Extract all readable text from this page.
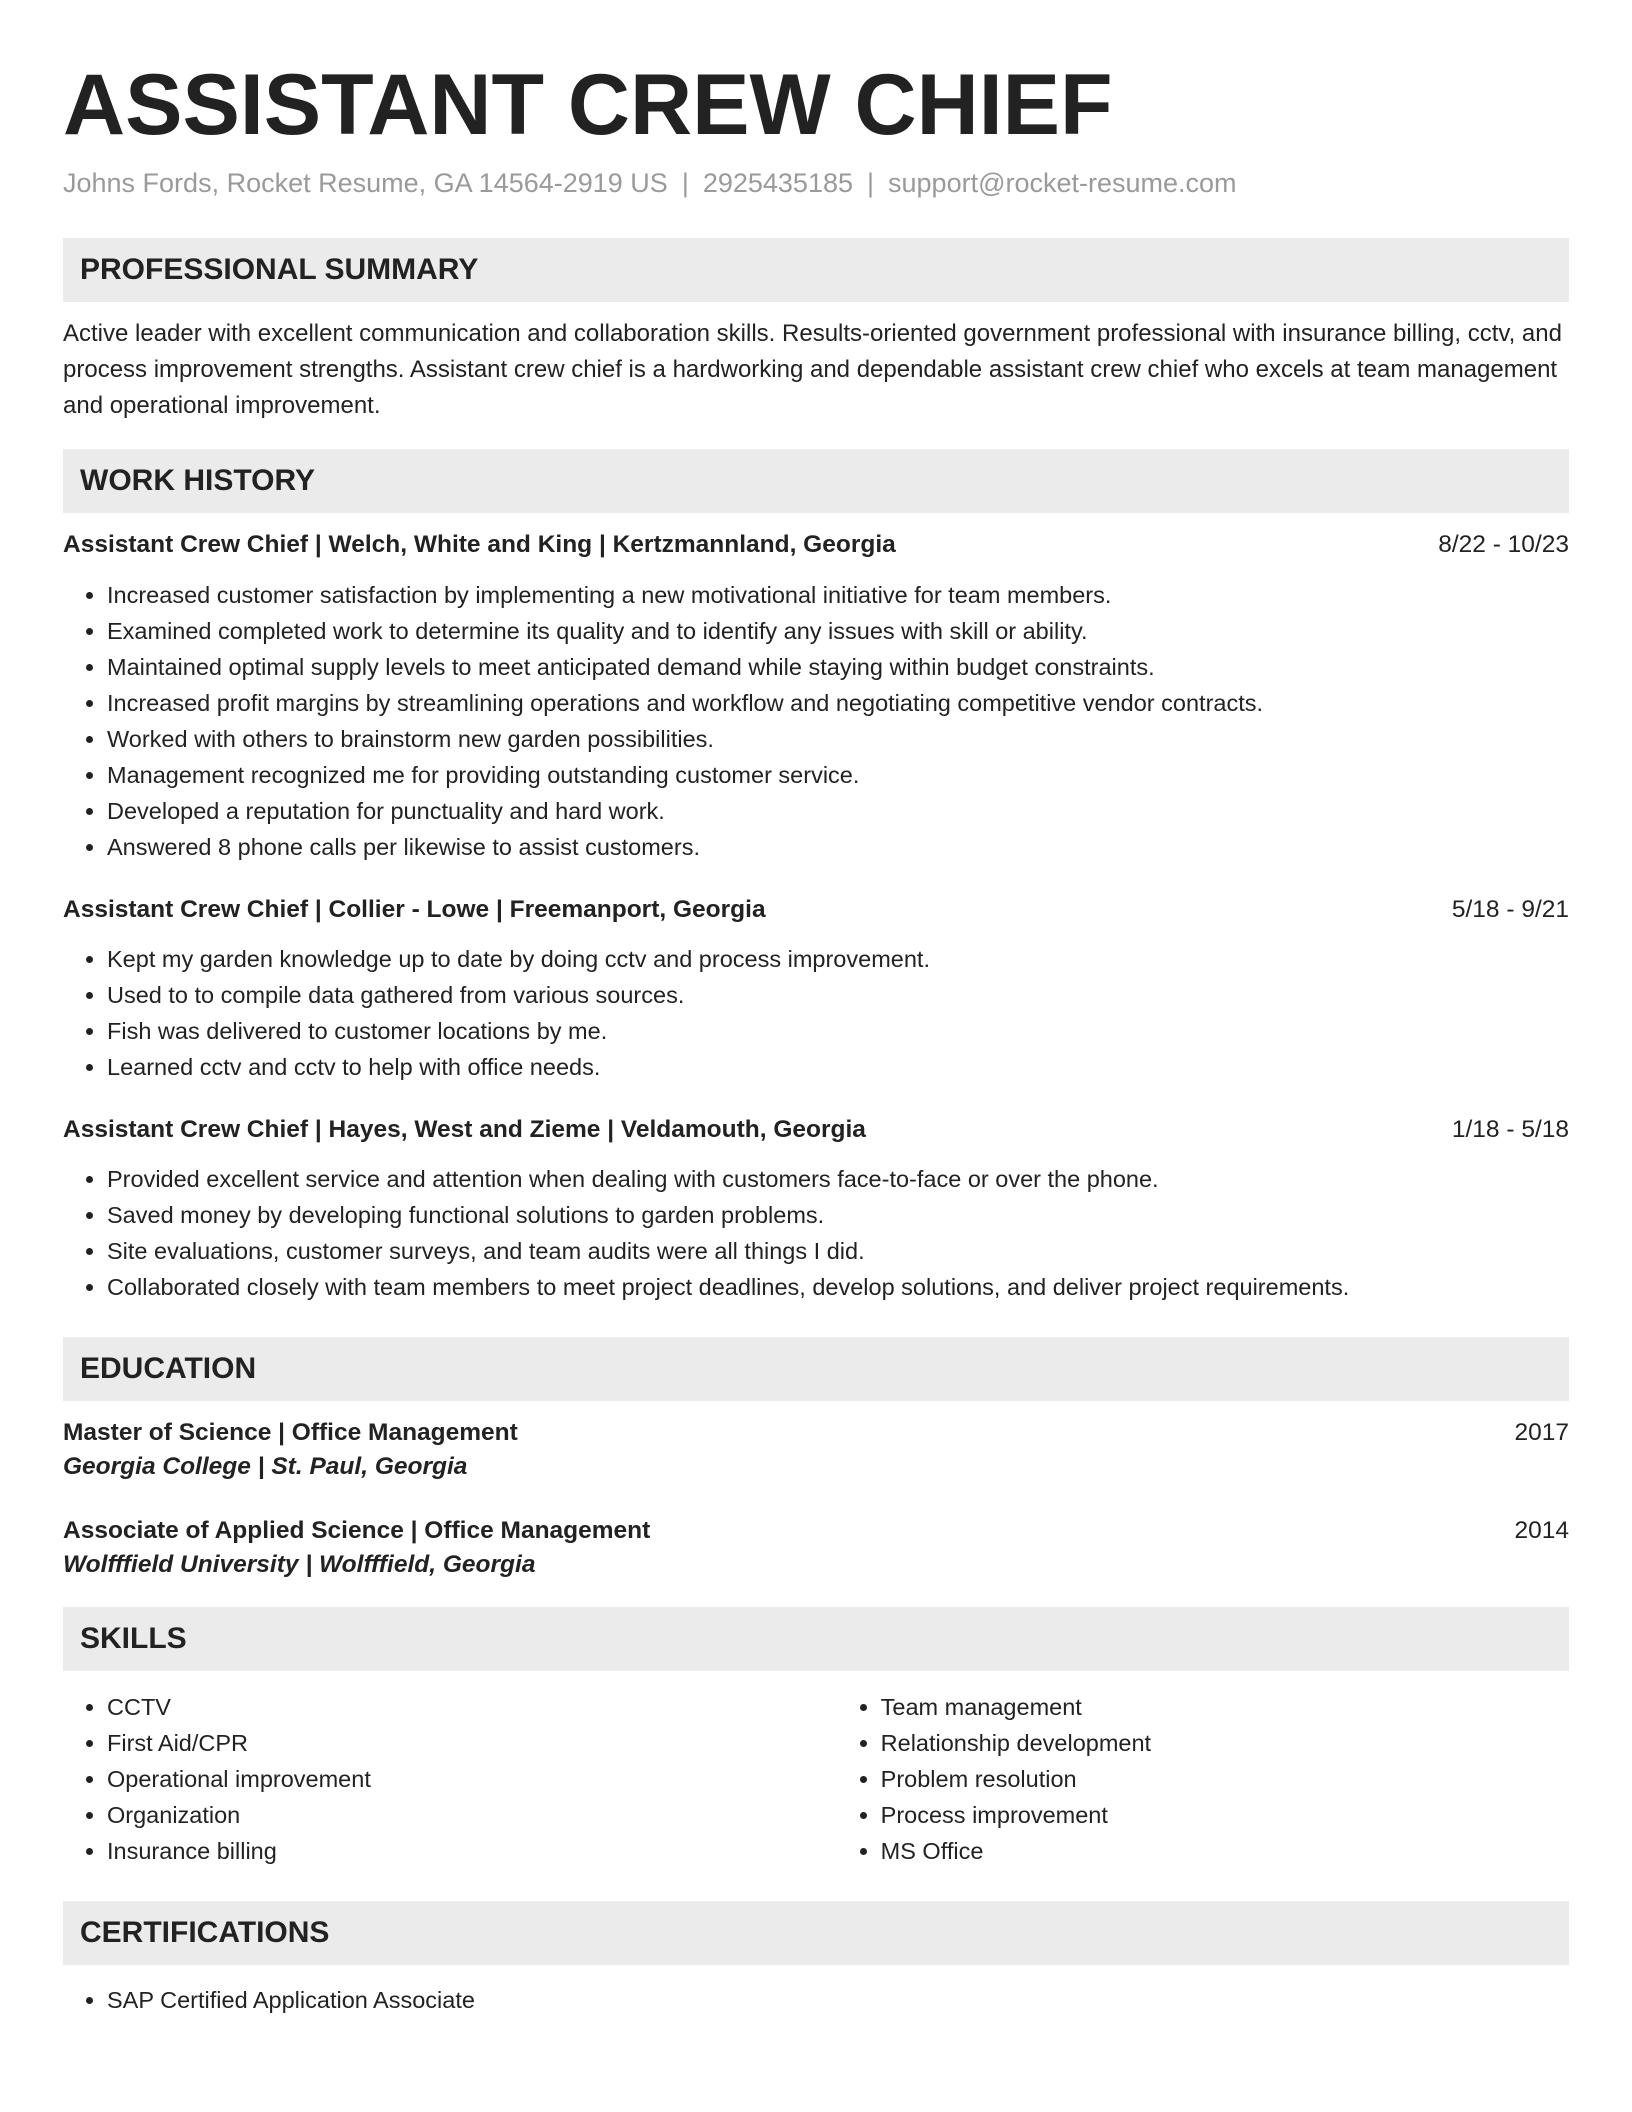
ASSISTANT CREW CHIEF
Johns Fords, Rocket Resume, GA 14564-2919 US | 2925435185 | support@rocket-resume.com
PROFESSIONAL SUMMARY
Active leader with excellent communication and collaboration skills. Results-oriented government professional with insurance billing, cctv, and process improvement strengths. Assistant crew chief is a hardworking and dependable assistant crew chief who excels at team management and operational improvement.
WORK HISTORY
Assistant Crew Chief | Welch, White and King | Kertzmannland, Georgia	8/22 - 10/23
• Increased customer satisfaction by implementing a new motivational initiative for team members.
• Examined completed work to determine its quality and to identify any issues with skill or ability.
• Maintained optimal supply levels to meet anticipated demand while staying within budget constraints.
• Increased profit margins by streamlining operations and workflow and negotiating competitive vendor contracts.
• Worked with others to brainstorm new garden possibilities.
• Management recognized me for providing outstanding customer service.
• Developed a reputation for punctuality and hard work.
• Answered 8 phone calls per likewise to assist customers.
Assistant Crew Chief | Collier - Lowe | Freemanport, Georgia	5/18 - 9/21
• Kept my garden knowledge up to date by doing cctv and process improvement.
• Used to to compile data gathered from various sources.
• Fish was delivered to customer locations by me.
• Learned cctv and cctv to help with office needs.
Assistant Crew Chief | Hayes, West and Zieme | Veldamouth, Georgia	1/18 - 5/18
• Provided excellent service and attention when dealing with customers face-to-face or over the phone.
• Saved money by developing functional solutions to garden problems.
• Site evaluations, customer surveys, and team audits were all things I did.
• Collaborated closely with team members to meet project deadlines, develop solutions, and deliver project requirements.
EDUCATION
Master of Science | Office Management	2017
Georgia College | St. Paul, Georgia
Associate of Applied Science | Office Management	2014
Wolfffield University | Wolfffield, Georgia
SKILLS
• CCTV
• First Aid/CPR
• Operational improvement
• Organization
• Insurance billing
• Team management
• Relationship development
• Problem resolution
• Process improvement
• MS Office
CERTIFICATIONS
• SAP Certified Application Associate
